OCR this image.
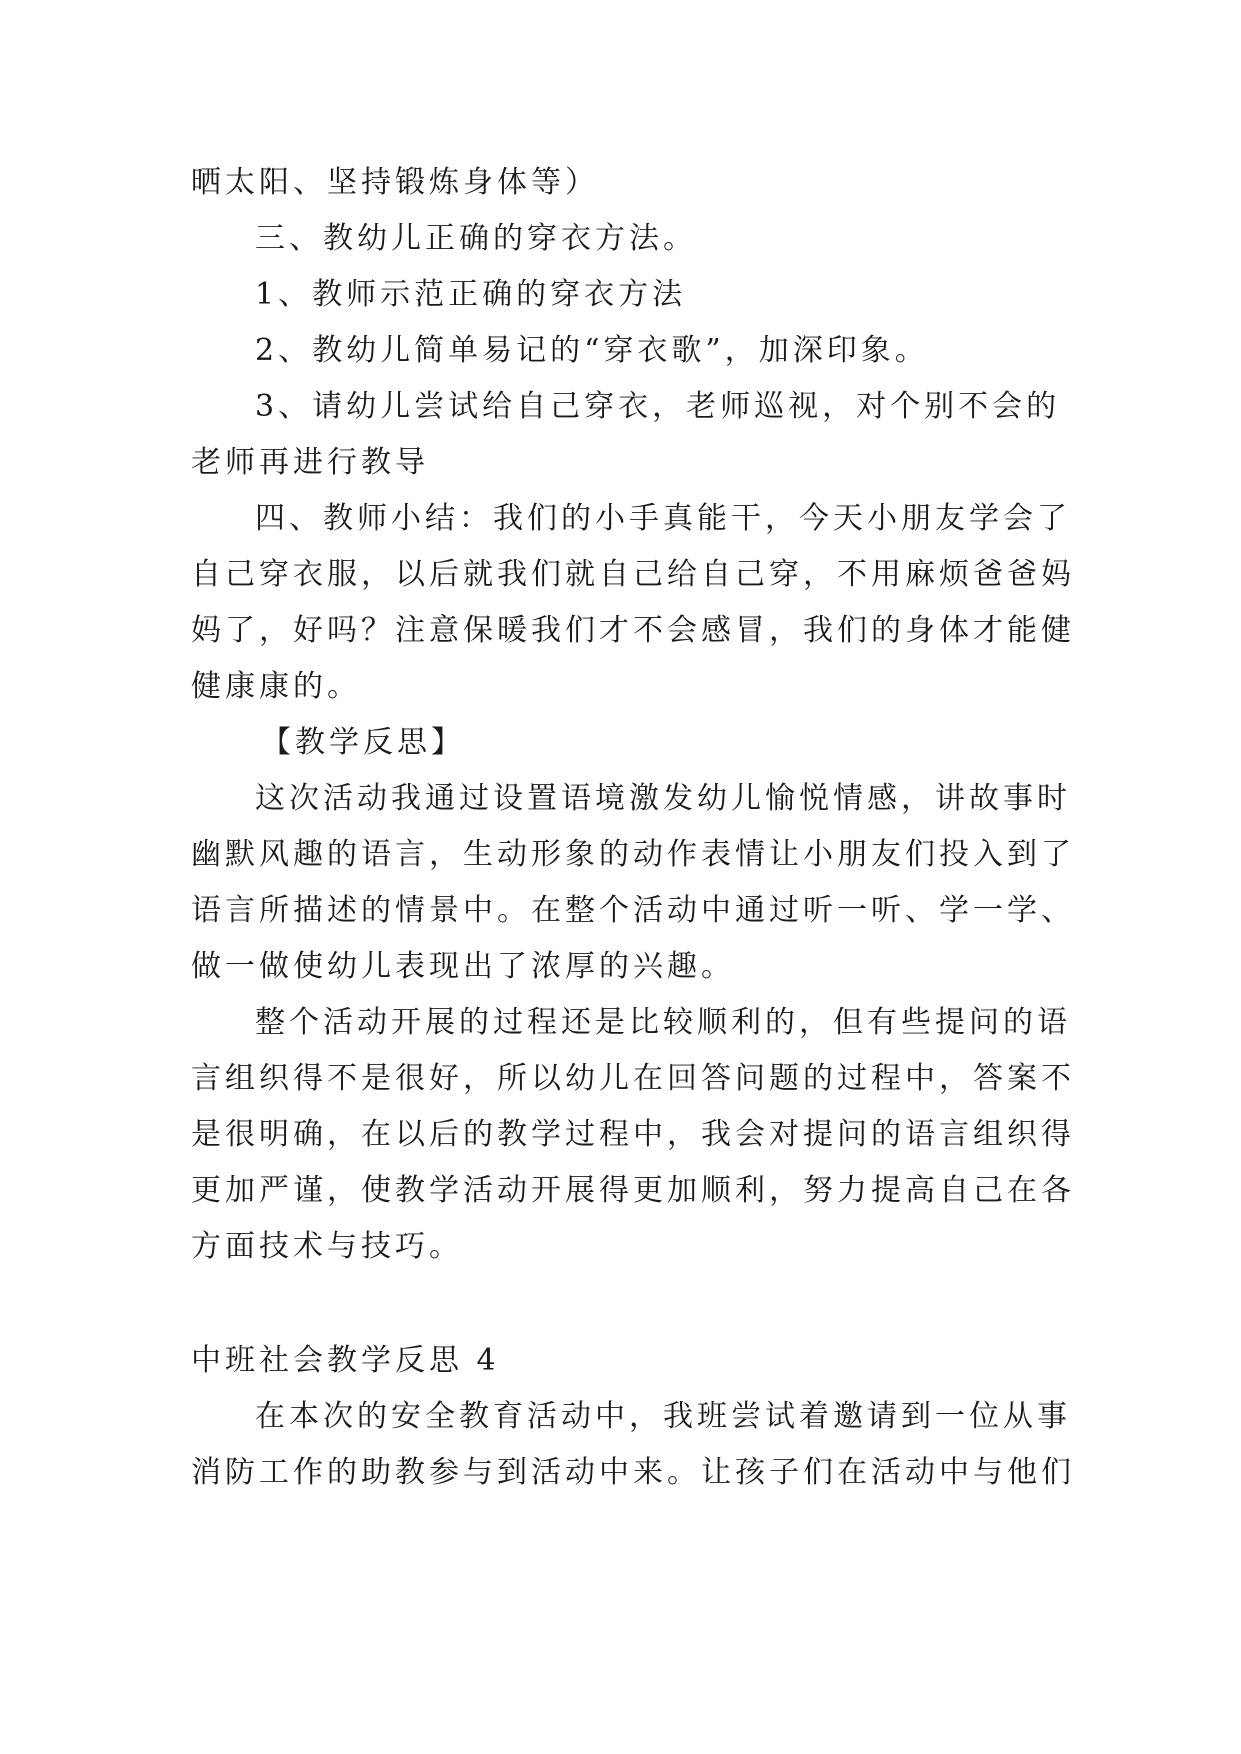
晒太阳、坚持锻炼身体等）
三、教幼儿正确的穿衣方法。
1、教师示范正确的穿衣方法
2、教幼儿简单易记的“穿衣歌”，加深印象。
3、请幼儿尝试给自己穿衣，老师巡视，对个别不会的
老师再进行教导
四、教师小结：我们的小手真能干，今天小朋友学会了
自己穿衣服，以后就我们就自己给自己穿，不用麻烦爸爸妈
妈了，好吗？注意保暖我们才不会感冒，我们的身体才能健
健康康的。
【教学反思】
这次活动我通过设置语境激发幼儿愉悦情感，讲故事时
幽默风趣的语言，生动形象的动作表情让小朋友们投入到了
语言所描述的情景中。在整个活动中通过听一听、学一学、
做一做使幼儿表现出了浓厚的兴趣。
整个活动开展的过程还是比较顺利的，但有些提问的语
言组织得不是很好，所以幼儿在回答问题的过程中，答案不
是很明确，在以后的教学过程中，我会对提问的语言组织得
更加严谨，使教学活动开展得更加顺利，努力提高自己在各
方面技术与技巧。
中班社会教学反思 4
在本次的安全教育活动中，我班尝试着邀请到一位从事
消防工作的助教参与到活动中来。让孩子们在活动中与他们
